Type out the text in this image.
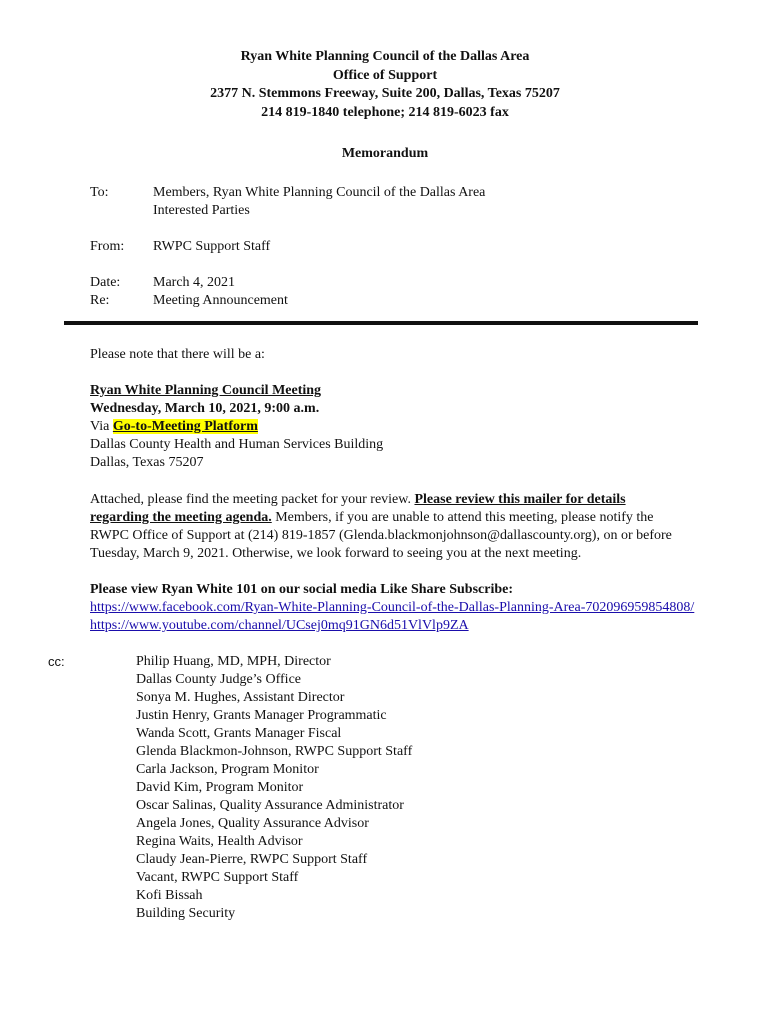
Ryan White Planning Council of the Dallas Area
Office of Support
2377 N. Stemmons Freeway, Suite 200, Dallas, Texas 75207
214 819-1840 telephone; 214 819-6023 fax
Memorandum
To:	Members, Ryan White Planning Council of the Dallas Area
Interested Parties
From:	RWPC Support Staff
Date:	March 4, 2021
Re:	Meeting Announcement
Please note that there will be a:
Ryan White Planning Council Meeting
Wednesday, March 10, 2021, 9:00 a.m.
Via Go-to-Meeting Platform
Dallas County Health and Human Services Building
Dallas, Texas 75207
Attached, please find the meeting packet for your review. Please review this mailer for details
regarding the meeting agenda. Members, if you are unable to attend this meeting, please notify the
RWPC Office of Support at (214) 819-1857 (Glenda.blackmonjohnson@dallascounty.org), on or before
Tuesday, March 9, 2021. Otherwise, we look forward to seeing you at the next meeting.
Please view Ryan White 101 on our social media Like Share Subscribe:
https://www.facebook.com/Ryan-White-Planning-Council-of-the-Dallas-Planning-Area-702096959854808/
https://www.youtube.com/channel/UCsej0mq91GN6d51VlVlp9ZA
cc:	Philip Huang, MD, MPH, Director
Dallas County Judge’s Office
Sonya M. Hughes, Assistant Director
Justin Henry, Grants Manager Programmatic
Wanda Scott, Grants Manager Fiscal
Glenda Blackmon-Johnson, RWPC Support Staff
Carla Jackson, Program Monitor
David Kim, Program Monitor
Oscar Salinas, Quality Assurance Administrator
Angela Jones, Quality Assurance Advisor
Regina Waits, Health Advisor
Claudy Jean-Pierre, RWPC Support Staff
Vacant, RWPC Support Staff
Kofi Bissah
Building Security
